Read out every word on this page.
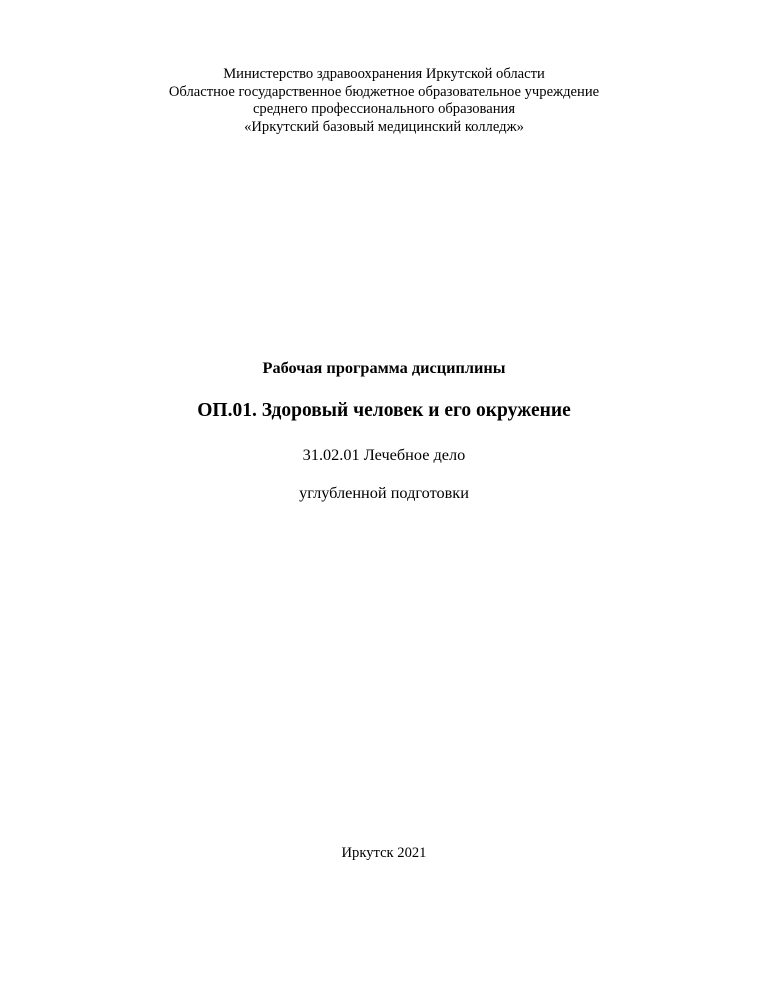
Министерство здравоохранения Иркутской области
Областное государственное бюджетное образовательное учреждение
среднего профессионального образования
«Иркутский базовый медицинский колледж»
Рабочая программа дисциплины
ОП.01. Здоровый человек и его окружение
31.02.01 Лечебное дело
углубленной подготовки
Иркутск 2021
